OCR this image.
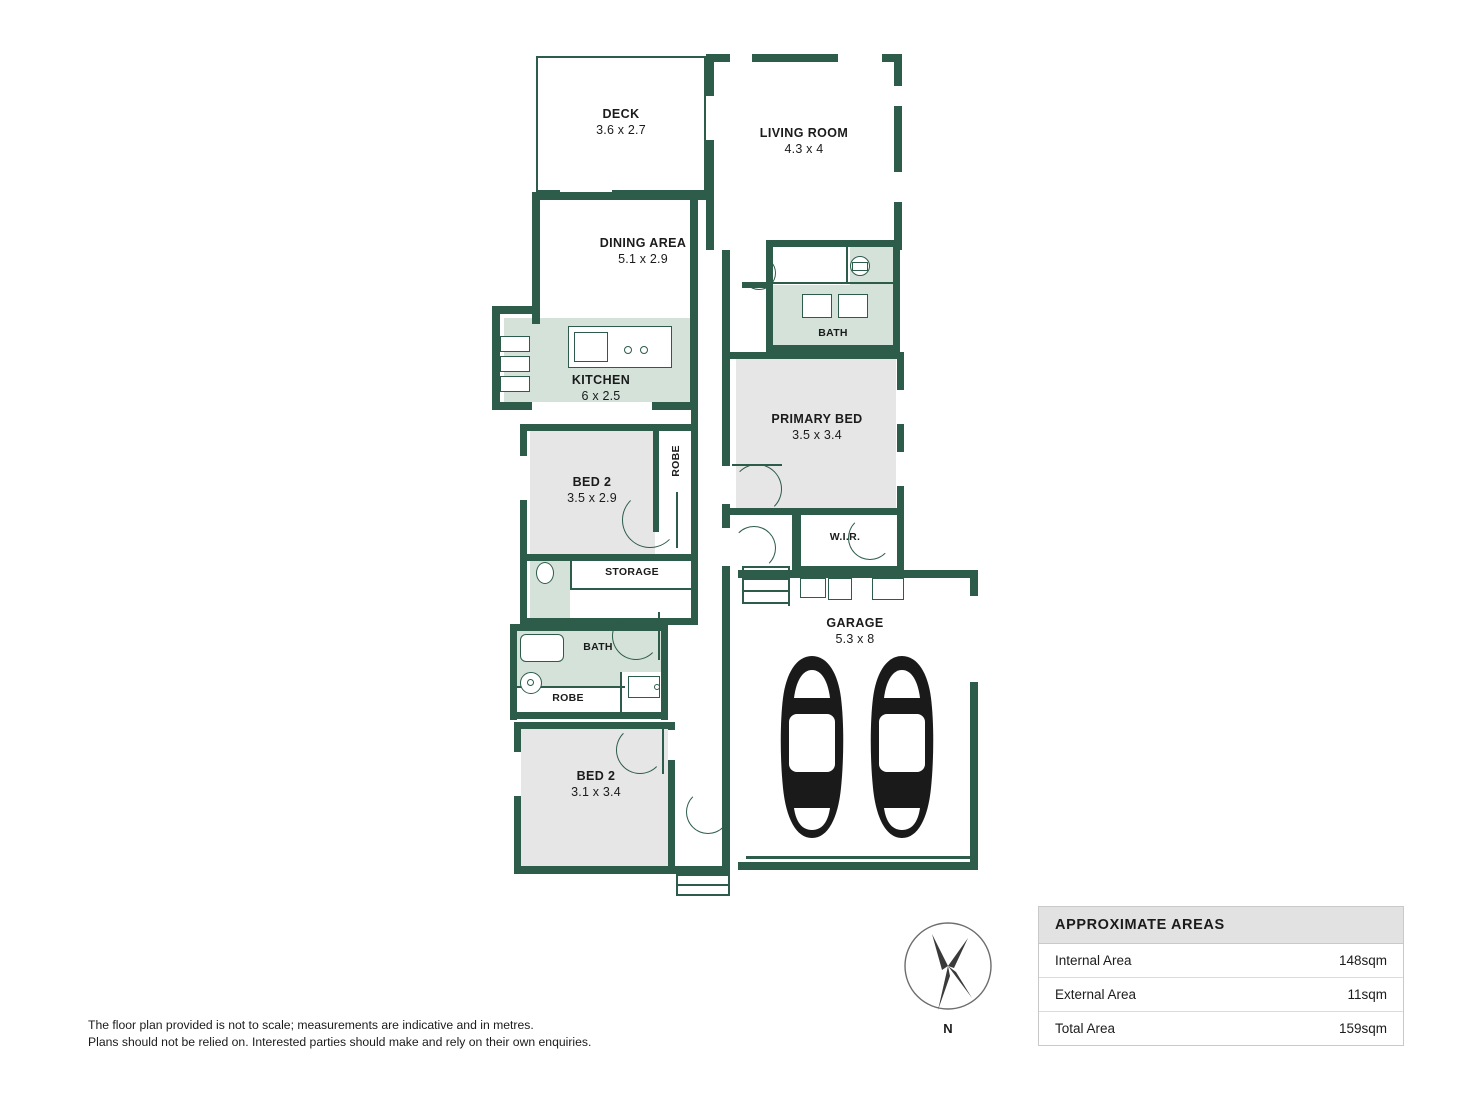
DECK
3.6 x 2.7	LIVING ROOM
4.3 x 4
DINING AREA
5.1 x 2.9
KITCHEN
6 x 2.5
BATH
PRIMARY BED
3.5 x 3.4
BED 2
3.5 x 2.9
ROBE
W.I.R.
STORAGE
BATH
ROBE
BED 2
3.1 x 3.4
GARAGE
5.3 x 8
N
APPROXIMATE AREAS
Internal Area	148sqm
External Area	11sqm
Total Area	159sqm
The floor plan provided is not to scale; measurements are indicative and in metres.
Plans should not be relied on. Interested parties should make and rely on their own enquiries.
